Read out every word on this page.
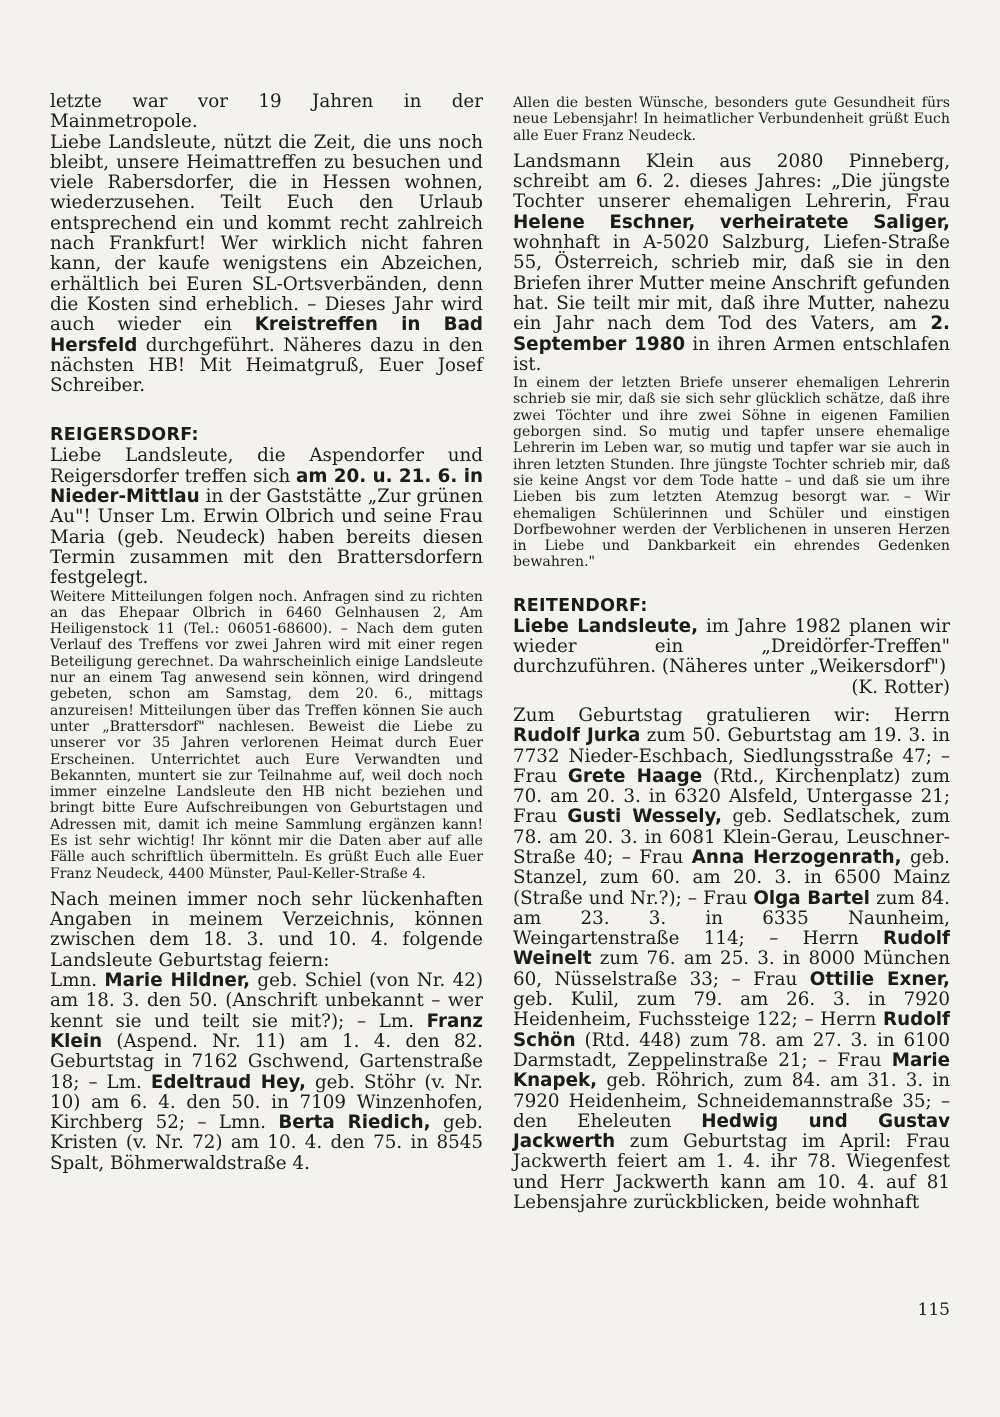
letzte war vor 19 Jahren in der Mainmetropole.

Liebe Landsleute, nützt die Zeit, die uns noch bleibt, unsere Heimattreffen zu besuchen und viele Rabersdorfer, die in Hessen wohnen, wiederzusehen. Teilt Euch den Urlaub entsprechend ein und kommt recht zahlreich nach Frankfurt! Wer wirklich nicht fahren kann, der kaufe wenigstens ein Abzeichen, erhältlich bei Euren SL-Ortsverbänden, denn die Kosten sind erheblich. – Dieses Jahr wird auch wieder ein Kreistreffen in Bad Hersfeld durchgeführt. Näheres dazu in den nächsten HB! Mit Heimatgruß, Euer Josef Schreiber.

REIGERSDORF:

Liebe Landsleute, die Aspendorfer und Reigersdorfer treffen sich am 20. u. 21. 6. in Nieder-Mittlau in der Gaststätte „Zur grünen Au"! Unser Lm. Erwin Olbrich und seine Frau Maria (geb. Neudeck) haben bereits diesen Termin zusammen mit den Brattersdorfern festgelegt.

Weitere Mitteilungen folgen noch. Anfragen sind zu richten an das Ehepaar Olbrich in 6460 Gelnhausen 2, Am Heiligenstock 11 (Tel.: 06051-68600). – Nach dem guten Verlauf des Treffens vor zwei Jahren wird mit einer regen Beteiligung gerechnet. Da wahrscheinlich einige Landsleute nur an einem Tag anwesend sein können, wird dringend gebeten, schon am Samstag, dem 20. 6., mittags anzureisen! Mitteilungen über das Treffen können Sie auch unter „Brattersdorf" nachlesen. Beweist die Liebe zu unserer vor 35 Jahren verlorenen Heimat durch Euer Erscheinen. Unterrichtet auch Eure Verwandten und Bekannten, muntert sie zur Teilnahme auf, weil doch noch immer einzelne Landsleute den HB nicht beziehen und bringt bitte Eure Aufschreibungen von Geburtstagen und Adressen mit, damit ich meine Sammlung ergänzen kann! Es ist sehr wichtig! Ihr könnt mir die Daten aber auf alle Fälle auch schriftlich übermitteln. Es grüßt Euch alle Euer Franz Neudeck, 4400 Münster, Paul-Keller-Straße 4.

Nach meinen immer noch sehr lückenhaften Angaben in meinem Verzeichnis, können zwischen dem 18. 3. und 10. 4. folgende Landsleute Geburtstag feiern:

Lmn. Marie Hildner, geb. Schiel (von Nr. 42) am 18. 3. den 50. (Anschrift unbekannt – wer kennt sie und teilt sie mit?); – Lm. Franz Klein (Aspend. Nr. 11) am 1. 4. den 82. Geburtstag in 7162 Gschwend, Gartenstraße 18; – Lm. Edeltraud Hey, geb. Stöhr (v. Nr. 10) am 6. 4. den 50. in 7109 Winzenhofen, Kirchberg 52; – Lmn. Berta Riedich, geb. Kristen (v. Nr. 72) am 10. 4. den 75. in 8545 Spalt, Böhmerwaldstraße 4.

Allen die besten Wünsche, besonders gute Gesundheit fürs neue Lebensjahr! In heimatlicher Verbundenheit grüßt Euch alle Euer Franz Neudeck.

Landsmann Klein aus 2080 Pinneberg, schreibt am 6. 2. dieses Jahres: „Die jüngste Tochter unserer ehemaligen Lehrerin, Frau Helene Eschner, verheiratete Saliger, wohnhaft in A-5020 Salzburg, Liefen-Straße 55, Österreich, schrieb mir, daß sie in den Briefen ihrer Mutter meine Anschrift gefunden hat. Sie teilt mir mit, daß ihre Mutter, nahezu ein Jahr nach dem Tod des Vaters, am 2. September 1980 in ihren Armen entschlafen ist.

In einem der letzten Briefe unserer ehemaligen Lehrerin schrieb sie mir, daß sie sich sehr glücklich schätze, daß ihre zwei Töchter und ihre zwei Söhne in eigenen Familien geborgen sind. So mutig und tapfer unsere ehemalige Lehrerin im Leben war, so mutig und tapfer war sie auch in ihren letzten Stunden. Ihre jüngste Tochter schrieb mir, daß sie keine Angst vor dem Tode hatte – und daß sie um ihre Lieben bis zum letzten Atemzug besorgt war. – Wir ehemaligen Schülerinnen und Schüler und einstigen Dorfbewohner werden der Verblichenen in unseren Herzen in Liebe und Dankbarkeit ein ehrendes Gedenken bewahren."

REITENDORF:

Liebe Landsleute, im Jahre 1982 planen wir wieder ein „Dreidörfer-Treffen" durchzuführen. (Näheres unter „Weikersdorf")

(K. Rotter)

Zum Geburtstag gratulieren wir: Herrn Rudolf Jurka zum 50. Geburtstag am 19. 3. in 7732 Nieder-Eschbach, Siedlungsstraße 47; – Frau Grete Haage (Rtd., Kirchenplatz) zum 70. am 20. 3. in 6320 Alsfeld, Untergasse 21; Frau Gusti Wessely, geb. Sedlatschek, zum 78. am 20. 3. in 6081 Klein-Gerau, Leuschner-Straße 40; – Frau Anna Herzogenrath, geb. Stanzel, zum 60. am 20. 3. in 6500 Mainz (Straße und Nr.?); – Frau Olga Bartel zum 84. am 23. 3. in 6335 Naunheim, Weingartenstraße 114; – Herrn Rudolf Weinelt zum 76. am 25. 3. in 8000 München 60, Nüsselstraße 33; – Frau Ottilie Exner, geb. Kulil, zum 79. am 26. 3. in 7920 Heidenheim, Fuchssteige 122; – Herrn Rudolf Schön (Rtd. 448) zum 78. am 27. 3. in 6100 Darmstadt, Zeppelinstraße 21; – Frau Marie Knapek, geb. Röhrich, zum 84. am 31. 3. in 7920 Heidenheim, Schneidemannstraße 35; – den Eheleuten Hedwig und Gustav Jackwerth zum Geburtstag im April: Frau Jackwerth feiert am 1. 4. ihr 78. Wiegenfest und Herr Jackwerth kann am 10. 4. auf 81 Lebensjahre zurückblicken, beide wohnhaft

115
